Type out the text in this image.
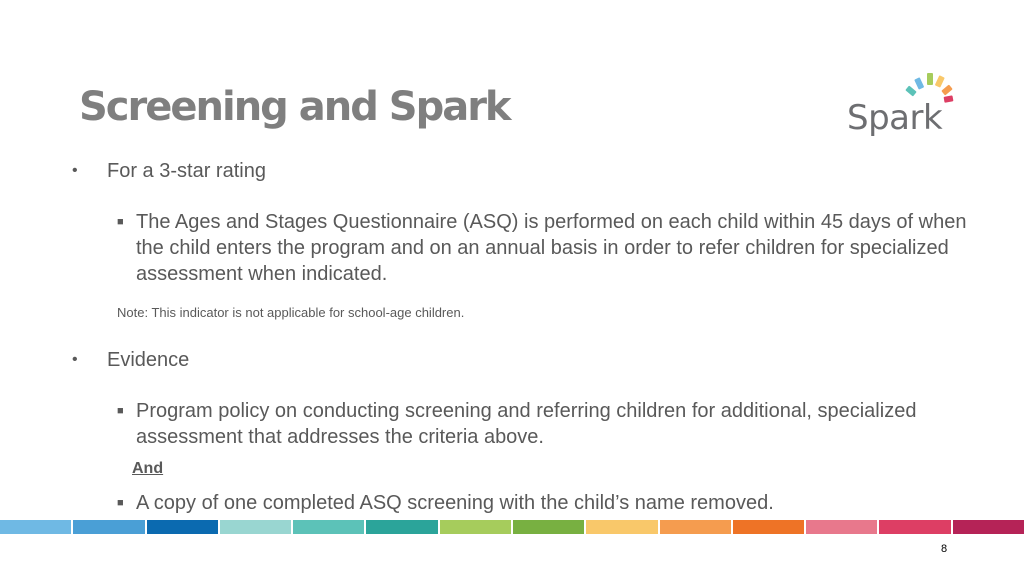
Screening and Spark	Spark
• For a 3-star rating
■ The Ages and Stages Questionnaire (ASQ) is performed on each child within 45 days of when the child enters the program and on an annual basis in order to refer children for specialized assessment when indicated.
Note: This indicator is not applicable for school-age children.
• Evidence
■ Program policy on conducting screening and referring children for additional, specialized assessment that addresses the criteria above.
And
■ A copy of one completed ASQ screening with the child’s name removed.
8
